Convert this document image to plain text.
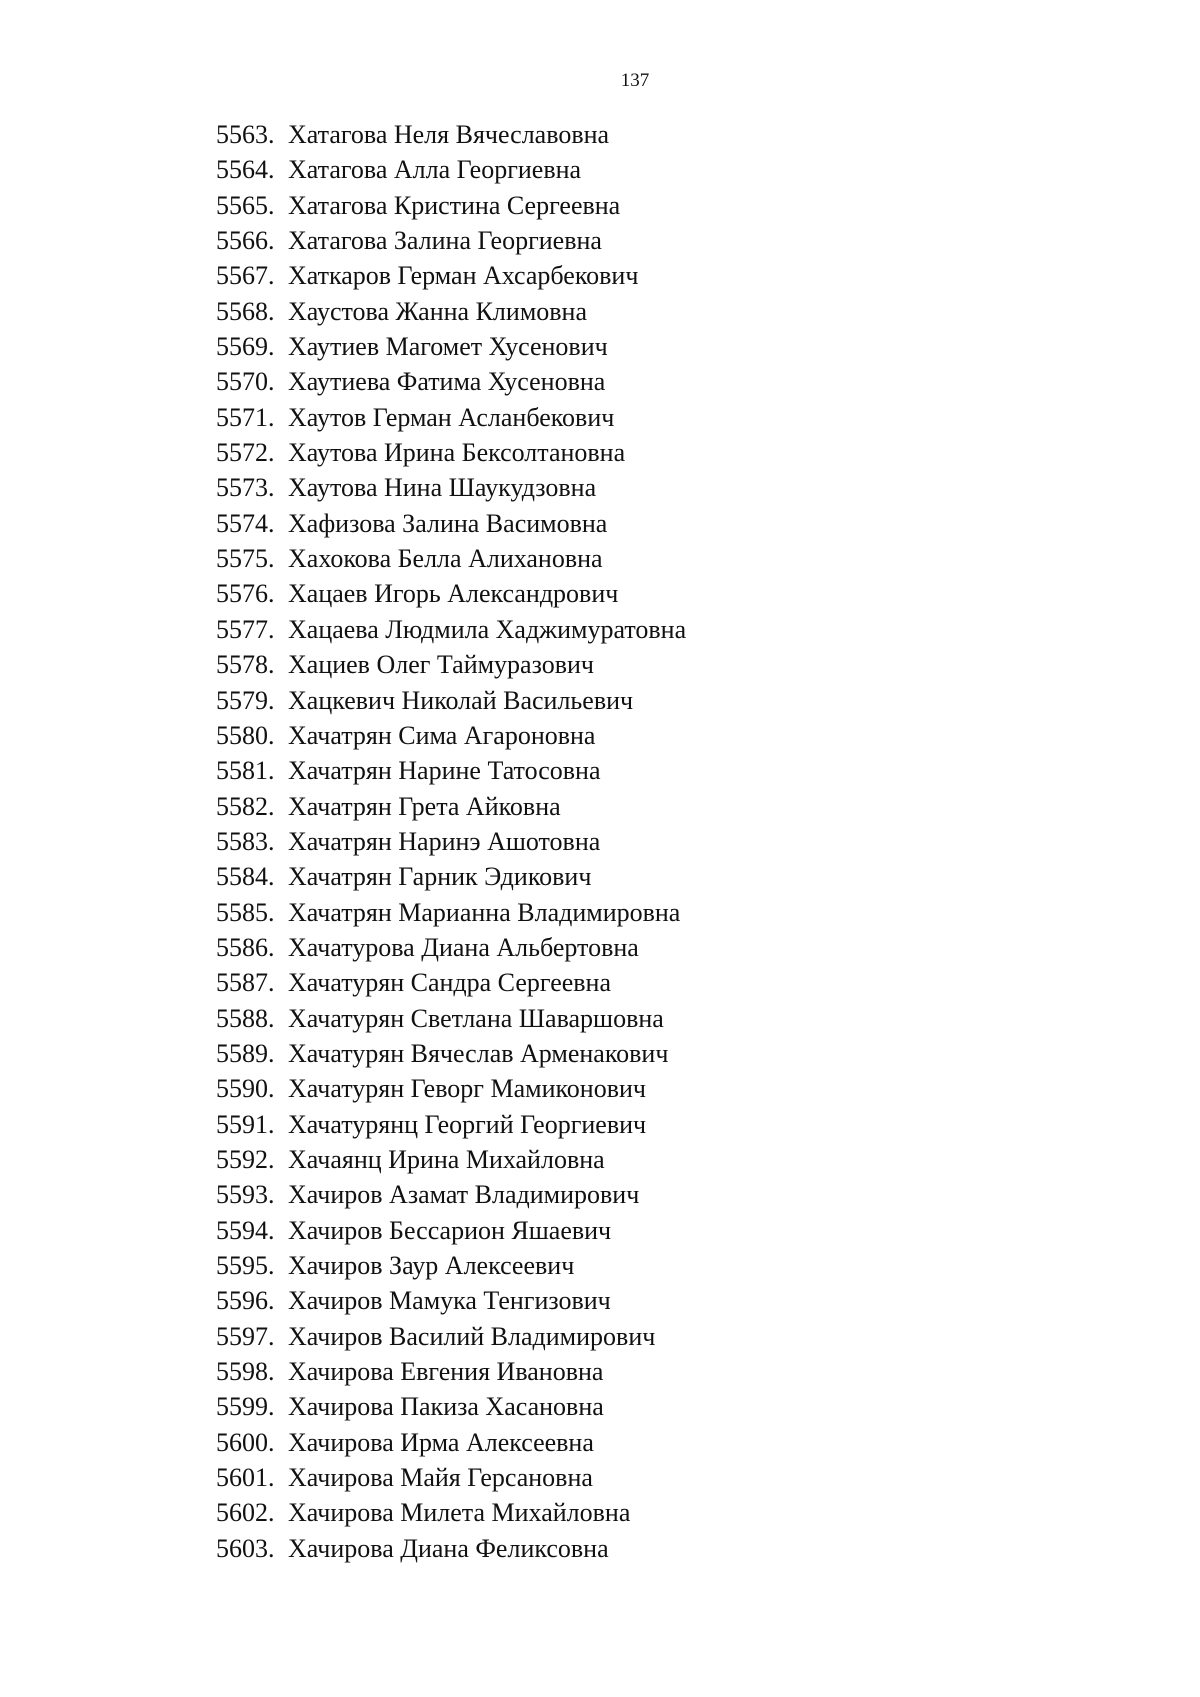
137
5563. Хатагова Неля Вячеславовна
5564. Хатагова Алла Георгиевна
5565. Хатагова Кристина Сергеевна
5566. Хатагова Залина Георгиевна
5567. Хаткаров Герман Ахсарбекович
5568. Хаустова Жанна Климовна
5569. Хаутиев Магомет Хусенович
5570. Хаутиева Фатима Хусеновна
5571. Хаутов Герман Асланбекович
5572. Хаутова Ирина Бексолтановна
5573. Хаутова Нина Шаукудзовна
5574. Хафизова Залина Васимовна
5575. Хахокова Белла Алихановна
5576. Хацаев Игорь Александрович
5577. Хацаева Людмила Хаджимуратовна
5578. Хациев Олег Таймуразович
5579. Хацкевич Николай Васильевич
5580. Хачатрян Сима Агароновна
5581. Хачатрян Нарине Татосовна
5582. Хачатрян Грета Айковна
5583. Хачатрян Наринэ Ашотовна
5584. Хачатрян Гарник Эдикович
5585. Хачатрян Марианна Владимировна
5586. Хачатурова Диана Альбертовна
5587. Хачатурян Сандра Сергеевна
5588. Хачатурян Светлана Шаваршовна
5589. Хачатурян Вячеслав Арменакович
5590. Хачатурян Геворг Мамиконович
5591. Хачатурянц Георгий Георгиевич
5592. Хачаянц Ирина Михайловна
5593. Хачиров Азамат Владимирович
5594. Хачиров Бессарион Яшаевич
5595. Хачиров Заур Алексеевич
5596. Хачиров Мамука Тенгизович
5597. Хачиров Василий Владимирович
5598. Хачирова Евгения Ивановна
5599. Хачирова Пакиза Хасановна
5600. Хачирова Ирма Алексеевна
5601. Хачирова Майя Герсановна
5602. Хачирова Милета Михайловна
5603. Хачирова Диана Феликсовна
